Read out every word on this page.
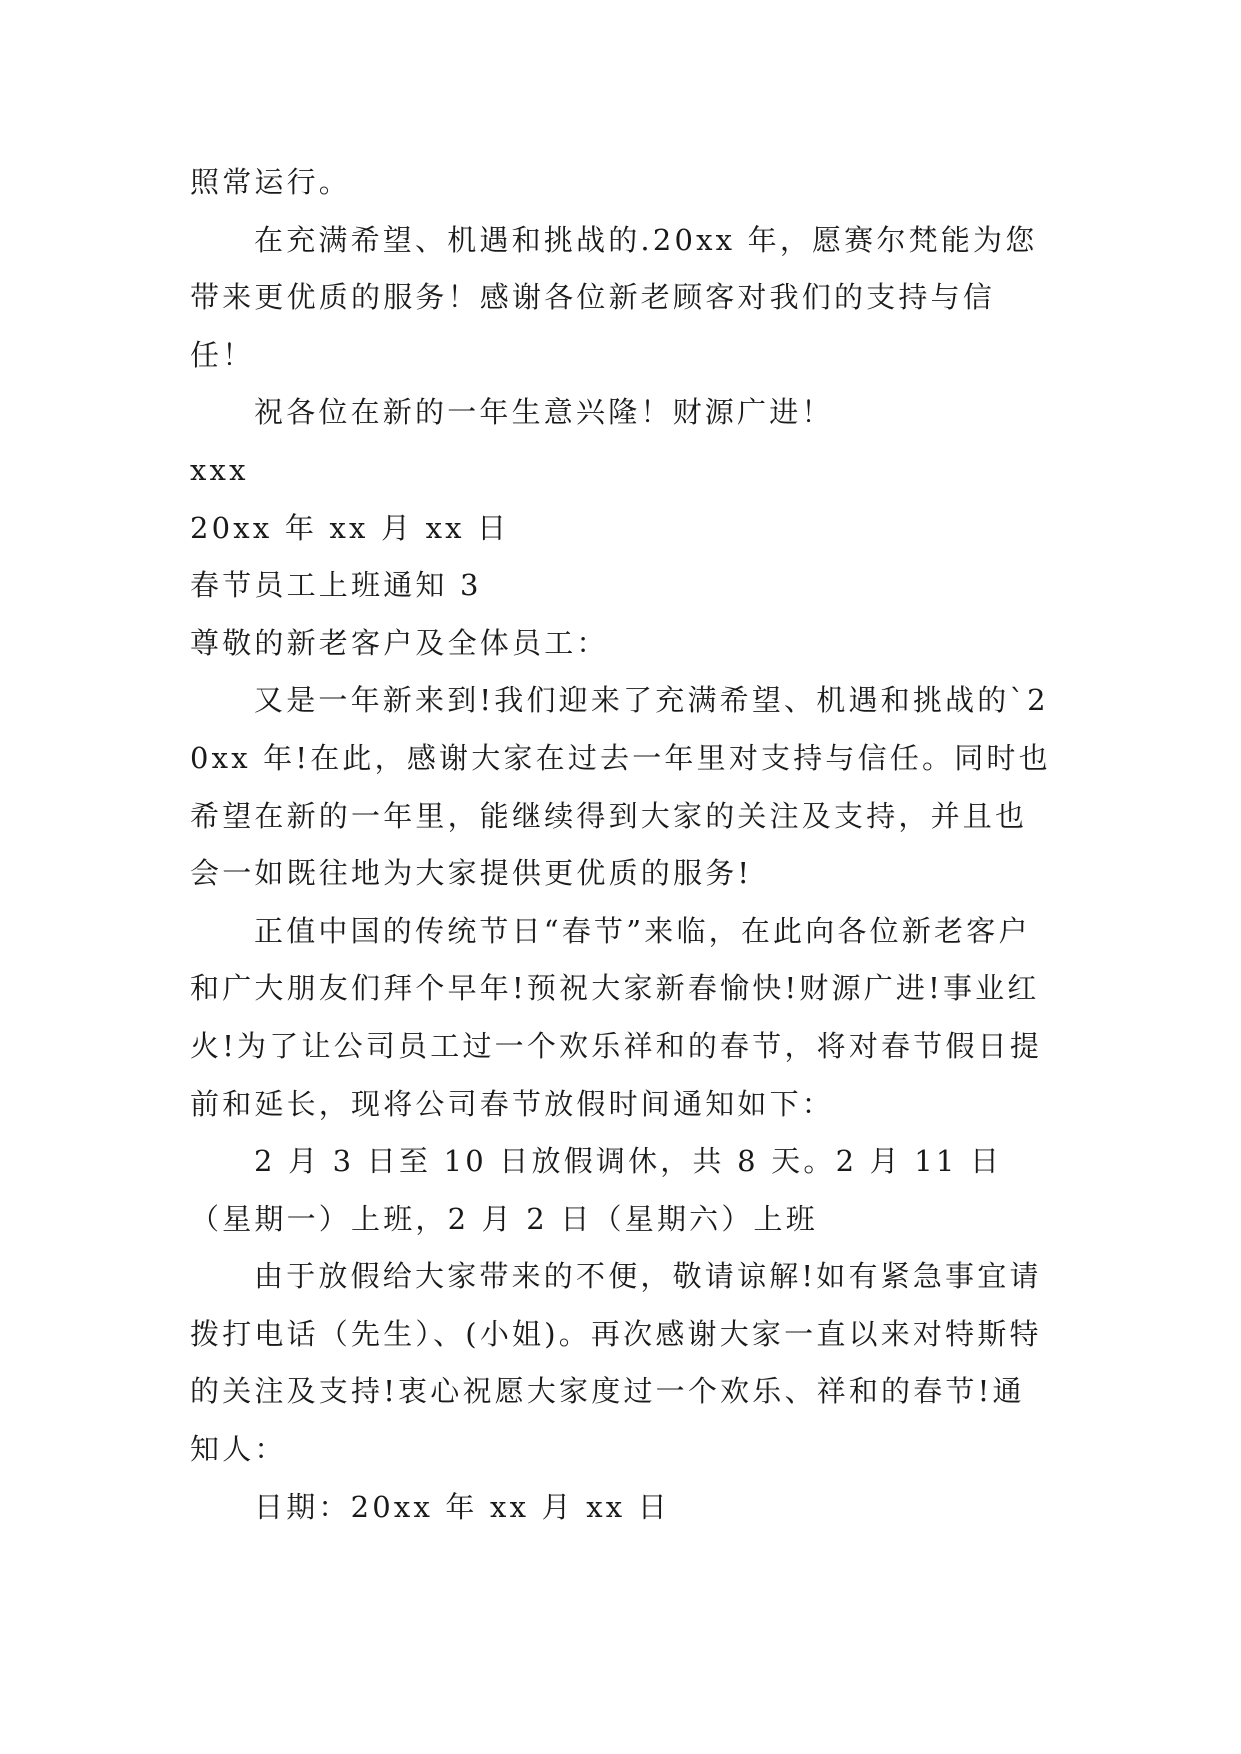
照常运行。

在充满希望、机遇和挑战的.20xx 年，愿赛尔梵能为您带来更优质的服务！感谢各位新老顾客对我们的支持与信任！

祝各位在新的一年生意兴隆！财源广进！

xxx

20xx 年 xx 月 xx 日

春节员工上班通知 3

尊敬的新老客户及全体员工：

又是一年新来到!我们迎来了充满希望、机遇和挑战的`20xx 年!在此，感谢大家在过去一年里对支持与信任。同时也希望在新的一年里，能继续得到大家的关注及支持，并且也会一如既往地为大家提供更优质的服务!

正值中国的传统节日“春节”来临，在此向各位新老客户和广大朋友们拜个早年!预祝大家新春愉快!财源广进!事业红火!为了让公司员工过一个欢乐祥和的春节，将对春节假日提前和延长，现将公司春节放假时间通知如下：

2 月 3 日至 10 日放假调休，共 8 天。2 月 11 日（星期一）上班，2 月 2 日（星期六）上班

由于放假给大家带来的不便，敬请谅解!如有紧急事宜请拨打电话（先生）、(小姐)。再次感谢大家一直以来对特斯特的关注及支持!衷心祝愿大家度过一个欢乐、祥和的春节!通知人：

日期：20xx 年 xx 月 xx 日
